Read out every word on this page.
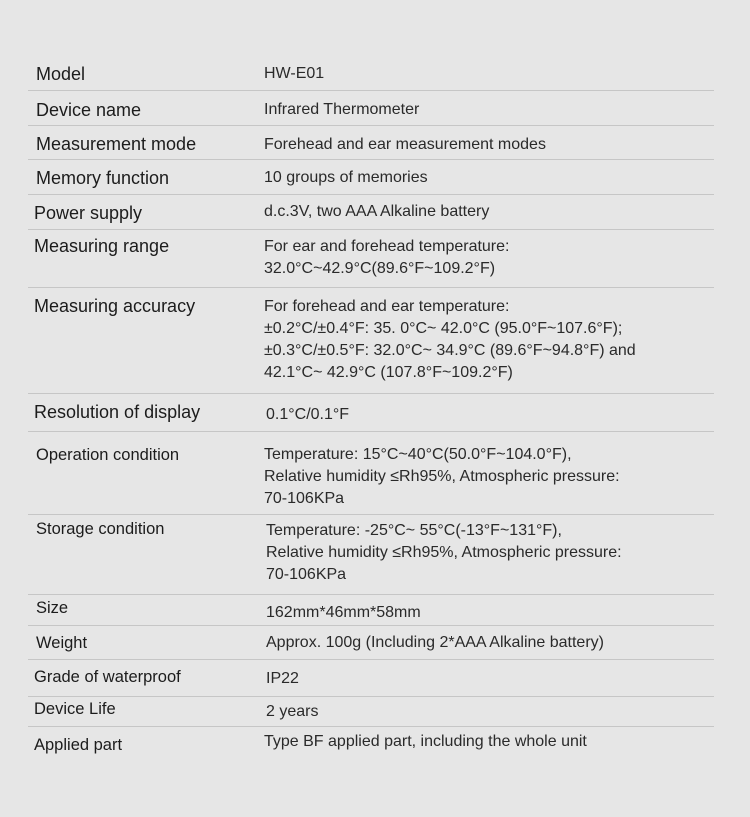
Model	HW-E01
Device name	Infrared Thermometer
Measurement mode	Forehead and ear measurement modes
Memory function	10 groups of memories
Power supply	d.c.3V, two AAA Alkaline battery
Measuring range	For ear and forehead temperature:
32.0°C~42.9°C(89.6°F~109.2°F)
Measuring accuracy	For forehead and ear temperature:
±0.2°C/±0.4°F: 35. 0°C~ 42.0°C (95.0°F~107.6°F);
±0.3°C/±0.5°F: 32.0°C~ 34.9°C (89.6°F~94.8°F) and
42.1°C~ 42.9°C (107.8°F~109.2°F)
Resolution of display	0.1°C/0.1°F
Operation condition	Temperature: 15°C~40°C(50.0°F~104.0°F),
Relative humidity ≤Rh95%, Atmospheric pressure:
70-106KPa
Storage condition	Temperature: -25°C~ 55°C(-13°F~131°F),
Relative humidity ≤Rh95%, Atmospheric pressure:
70-106KPa
Size	162mm*46mm*58mm
Weight	Approx. 100g (Including 2*AAA Alkaline battery)
Grade of waterproof	IP22
Device Life	2 years
Applied part	Type BF applied part, including the whole unit
